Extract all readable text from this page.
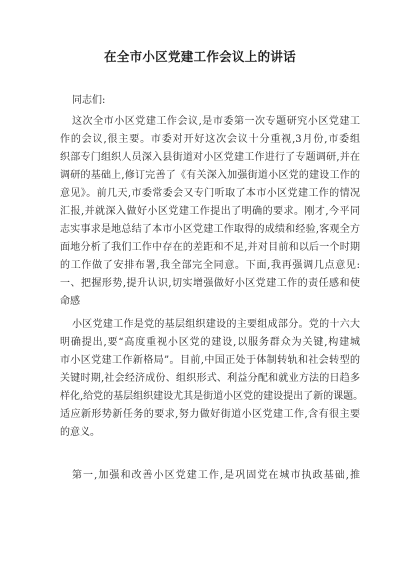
在全市小区党建工作会议上的讲话
同志们:
这次全市小区党建工作会议,是市委第一次专题研究小区党建工
作的会议,很主要。市委对开好这次会议十分重视,3月份,市委组
织部专门组织人员深入县街道对小区党建工作进行了专题调研,并在
调研的基础上,修订完善了《有关深入加强街道小区党的建设工作的
意见》。前几天,市委常委会又专门听取了本市小区党建工作的情况
汇报,并就深入做好小区党建工作提出了明确的要求。刚才,今平同
志实事求是地总结了本市小区党建工作取得的成绩和经验,客观全方
面地分析了我们工作中存在的差距和不足,并对目前和以后一个时期
的工作做了安排布署,我全部完全同意。下面,我再强调几点意见:
一、把握形势,提升认识,切实增强做好小区党建工作的责任感和使
命感
小区党建工作是党的基层组织建设的主要组成部分。党的十六大
明确提出,要“高度重视小区党的建设,以服务群众为关键,构建城
市小区党建工作新格局”。目前,中国正处于体制转轨和社会转型的
关键时期,社会经济成份、组织形式、利益分配和就业方法的日趋多
样化,给党的基层组织建设尤其是街道小区党的建设提出了新的课题。
适应新形势新任务的要求,努力做好街道小区党建工作,含有很主要
的意义。
第一,加强和改善小区党建工作,是巩固党在城市执政基础,推
